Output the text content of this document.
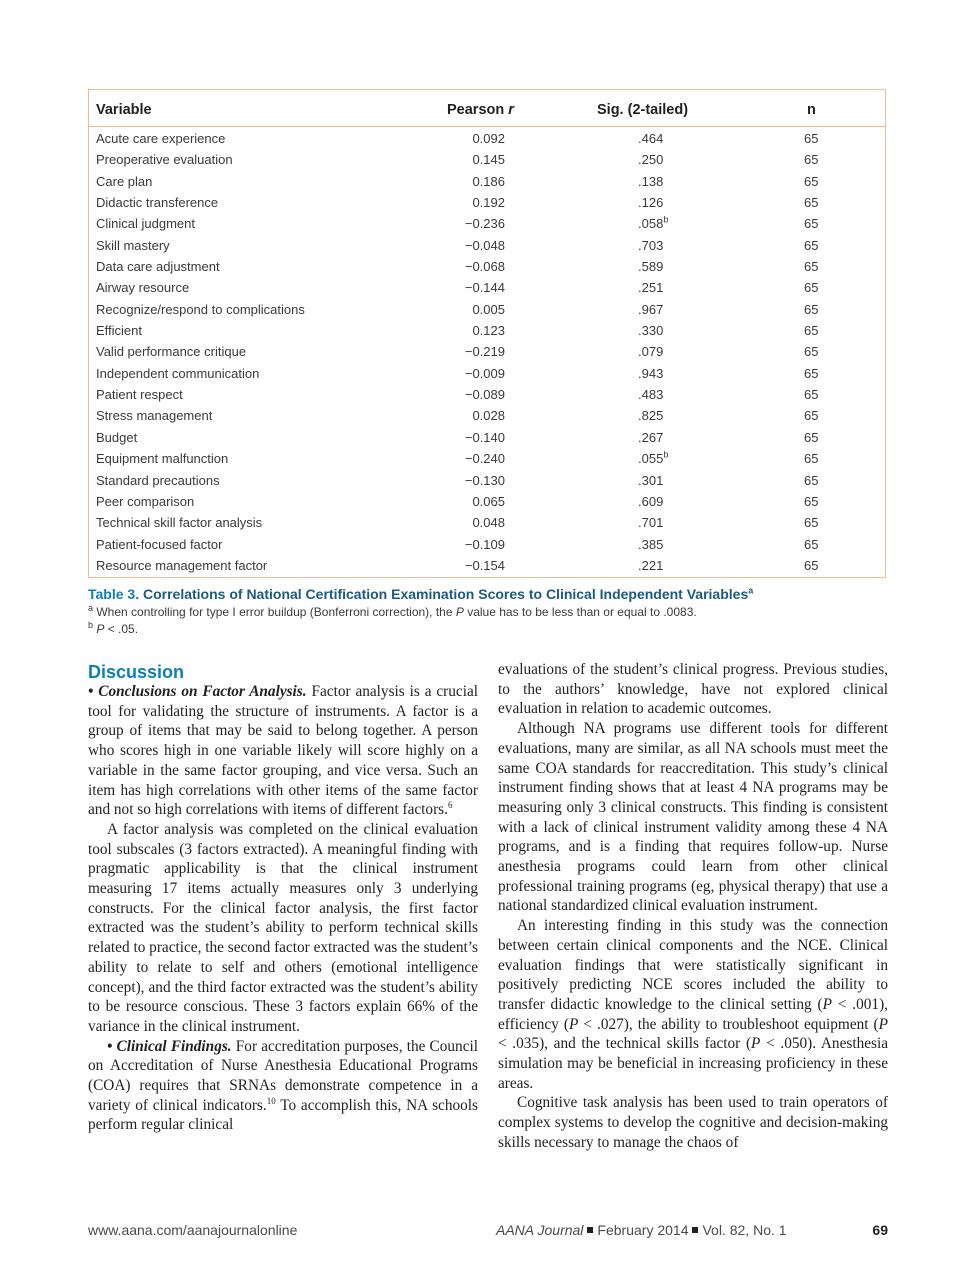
Variable	Pearson r	Sig. (2-tailed)	n
Acute care experience	0.092	.464	65
Preoperative evaluation	0.145	.250	65
Care plan	0.186	.138	65
Didactic transference	0.192	.126	65
Clinical judgment	−0.236	.058$^b$	65
Skill mastery	−0.048	.703	65
Data care adjustment	−0.068	.589	65
Airway resource	−0.144	.251	65
Recognize/respond to complications	0.005	.967	65
Efficient	0.123	.330	65
Valid performance critique	−0.219	.079	65
Independent communication	−0.009	.943	65
Patient respect	−0.089	.483	65
Stress management	0.028	.825	65
Budget	−0.140	.267	65
Equipment malfunction	−0.240	.055$^b$	65
Standard precautions	−0.130	.301	65
Peer comparison	0.065	.609	65
Technical skill factor analysis	0.048	.701	65
Patient-focused factor	−0.109	.385	65
Resource management factor	−0.154	.221	65
Table 3. Correlations of National Certification Examination Scores to Clinical Independent Variables$^a$
$^a$ When controlling for type I error buildup (Bonferroni correction), the P value has to be less than or equal to .0083.
$^b$ P < .05.
Discussion

• Conclusions on Factor Analysis. Factor analysis is a crucial tool for validating the structure of instruments. A factor is a group of items that may be said to belong together. A person who scores high in one variable likely will score highly on a variable in the same factor grouping, and vice versa. Such an item has high correlations with other items of the same factor and not so high correlations with items of different factors.$^6$

A factor analysis was completed on the clinical evaluation tool subscales (3 factors extracted). A meaningful finding with pragmatic applicability is that the clinical instrument measuring 17 items actually measures only 3 underlying constructs. For the clinical factor analysis, the first factor extracted was the student’s ability to perform technical skills related to practice, the second factor extracted was the student’s ability to relate to self and others (emotional intelligence concept), and the third factor extracted was the student’s ability to be resource conscious. These 3 factors explain 66% of the variance in the clinical instrument.

• Clinical Findings. For accreditation purposes, the Council on Accreditation of Nurse Anesthesia Educational Programs (COA) requires that SRNAs demonstrate competence in a variety of clinical indicators.$^{10}$ To accomplish this, NA schools perform regular clinical

evaluations of the student’s clinical progress. Previous studies, to the authors’ knowledge, have not explored clinical evaluation in relation to academic outcomes.

Although NA programs use different tools for different evaluations, many are similar, as all NA schools must meet the same COA standards for reaccreditation. This study’s clinical instrument finding shows that at least 4 NA programs may be measuring only 3 clinical constructs. This finding is consistent with a lack of clinical instrument validity among these 4 NA programs, and is a finding that requires follow-up. Nurse anesthesia programs could learn from other clinical professional training programs (eg, physical therapy) that use a national standardized clinical evaluation instrument.

An interesting finding in this study was the connection between certain clinical components and the NCE. Clinical evaluation findings that were statistically significant in positively predicting NCE scores included the ability to transfer didactic knowledge to the clinical setting (P < .001), efficiency (P < .027), the ability to troubleshoot equipment (P < .035), and the technical skills factor (P < .050). Anesthesia simulation may be beneficial in increasing proficiency in these areas.

Cognitive task analysis has been used to train operators of complex systems to develop the cognitive and decision-making skills necessary to manage the chaos of

www.aana.com/aanajournalonline	AANA Journal February 2014 Vol. 82, No. 1	69
